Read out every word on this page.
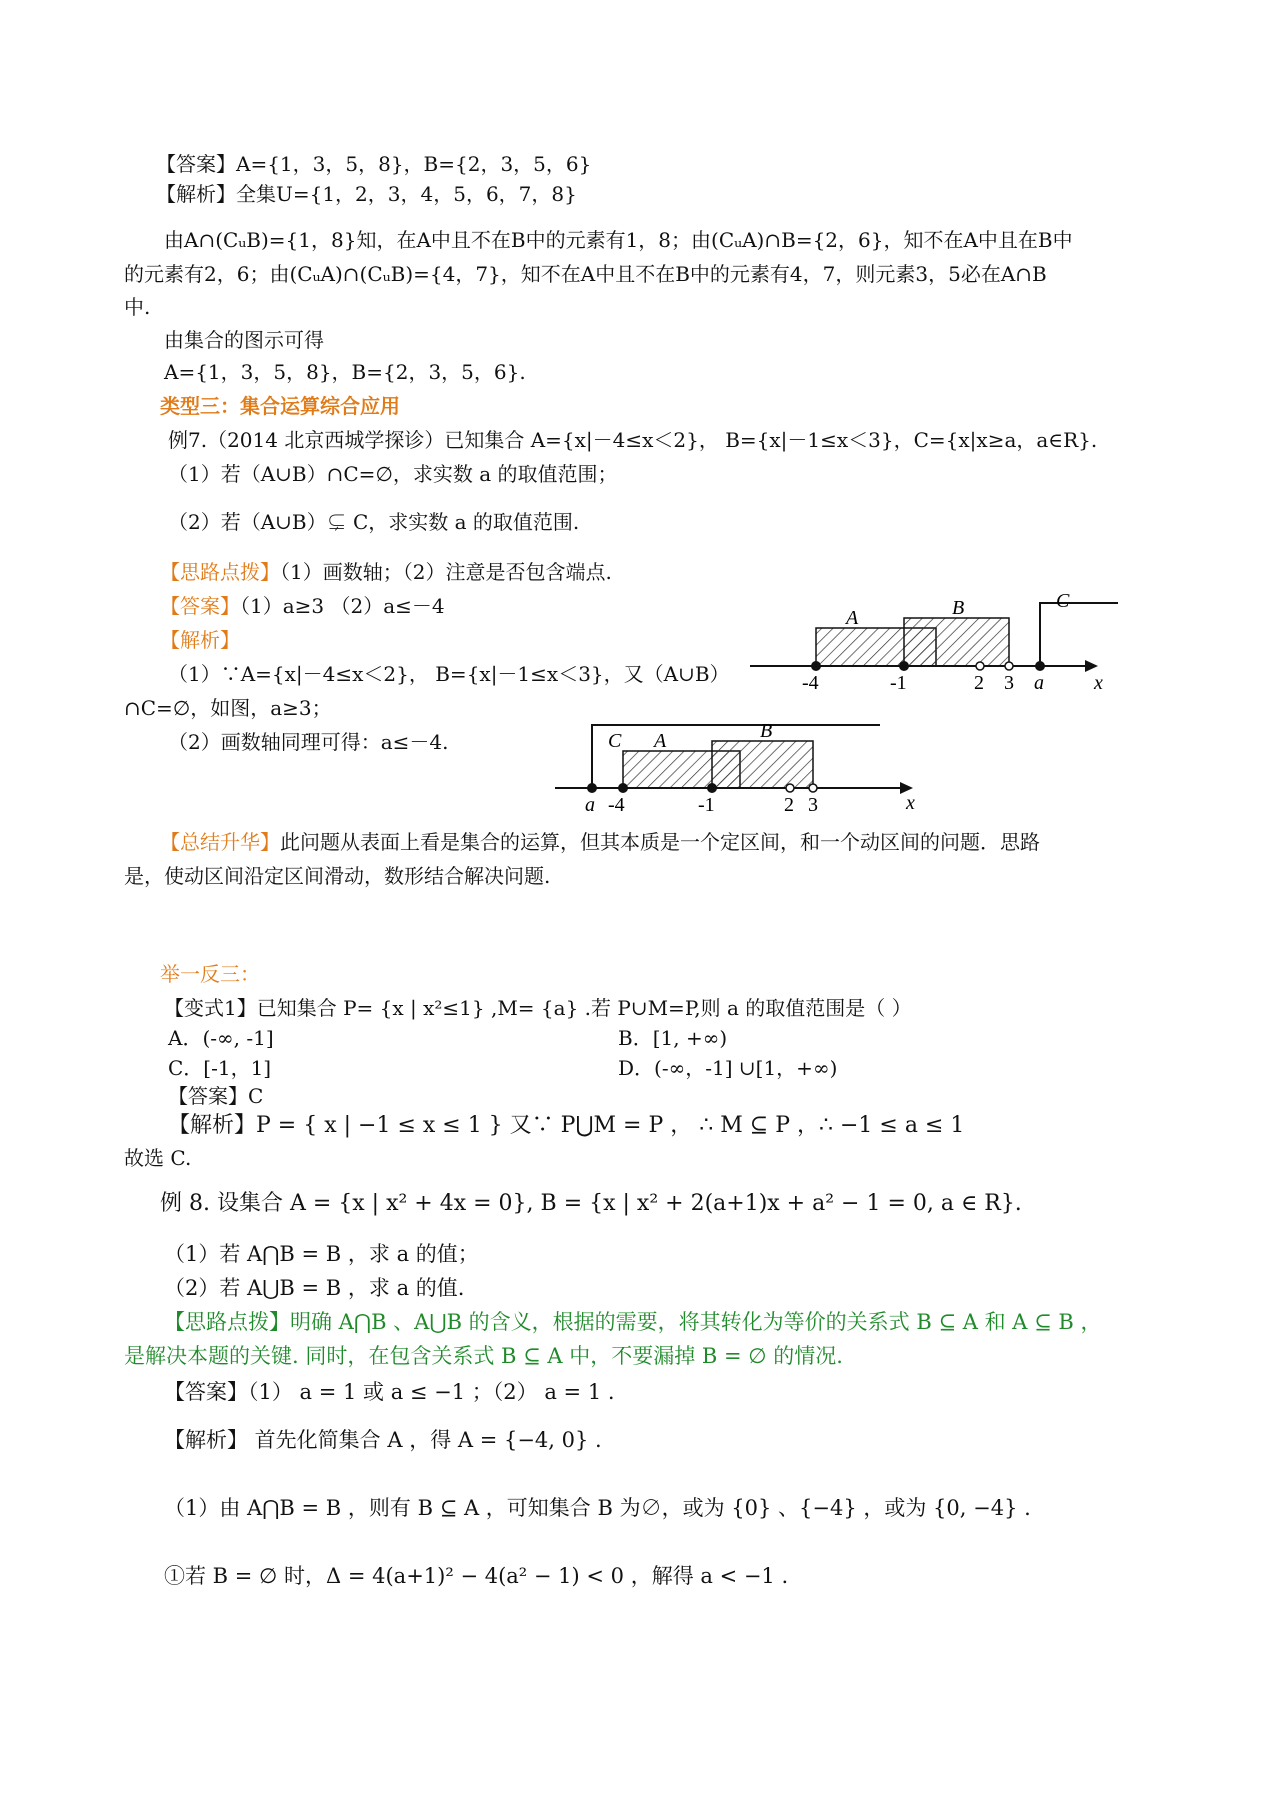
【答案】A={1，3，5，8}，B={2，3，5，6}
【解析】全集U={1，2，3，4，5，6，7，8}
由A∩(CᵤB)={1，8}知，在A中且不在B中的元素有1，8；由(CᵤA)∩B={2，6}，知不在A中且在B中
的元素有2，6；由(CᵤA)∩(CᵤB)={4，7}，知不在A中且不在B中的元素有4，7，则元素3，5必在A∩B
中.
由集合的图示可得
A={1，3，5，8}，B={2，3，5，6}.
类型三：集合运算综合应用
例7.（2014 北京西城学探诊）已知集合 A={x|－4≤x＜2}， B={x|－1≤x＜3}，C={x|x≥a，a∈R}.
（1）若（A∪B）∩C=∅，求实数 a 的取值范围；
（2）若（A∪B）⊊ C，求实数 a 的取值范围.
【思路点拨】（1）画数轴；（2）注意是否包含端点.
【答案】（1）a≥3 （2）a≤－4
【解析】
（1）∵A={x|－4≤x＜2}， B={x|－1≤x＜3}，又（A∪B）
∩C=∅，如图，a≥3；
（2）画数轴同理可得：a≤－4.
A	B	C
x
-4	-1	2 3 a
C A	B
x
a -4	-1	2 3
【总结升华】此问题从表面上看是集合的运算，但其本质是一个定区间，和一个动区间的问题．思路
是，使动区间沿定区间滑动，数形结合解决问题.
举一反三：
【变式1】已知集合 P= {x | x²≤1} ,M= {a} .若 P∪M=P,则 a 的取值范围是（ ）
A．(-∞, -1]	B．[1, +∞)
C．[-1，1]	D．(-∞，-1] ∪[1，+∞)
【答案】C
【解析】P = { x | −1 ≤ x ≤ 1 } 又∵ P⋃M = P ， ∴ M ⊆ P ，∴ −1 ≤ a ≤ 1
故选 C.
例 8. 设集合 A = {x | x² + 4x = 0}, B = {x | x² + 2(a+1)x + a² − 1 = 0, a ∈ R}.
（1）若 A⋂B = B ，求 a 的值；
（2）若 A⋃B = B ，求 a 的值.
【思路点拨】明确 A⋂B 、A⋃B 的含义，根据的需要，将其转化为等价的关系式 B ⊆ A 和 A ⊆ B ，
是解决本题的关键. 同时，在包含关系式 B ⊆ A 中，不要漏掉 B = ∅ 的情况.
【答案】（1） a = 1 或 a ≤ −1 ；（2） a = 1 .
【解析】 首先化简集合 A ，得 A = {−4, 0} .
（1）由 A⋂B = B ，则有 B ⊆ A ，可知集合 B 为∅，或为 {0} 、{−4} ，或为 {0, −4} .
①若 B = ∅ 时，Δ = 4(a+1)² − 4(a² − 1) < 0 ，解得 a < −1 .
